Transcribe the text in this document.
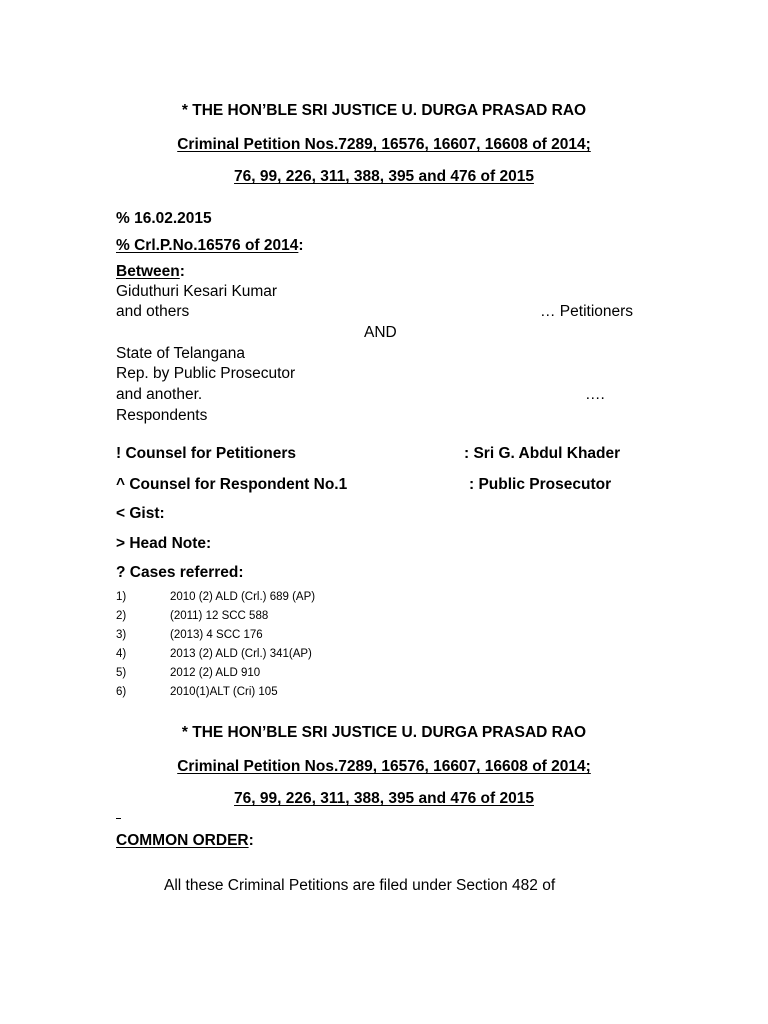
* THE HON’BLE SRI JUSTICE U. DURGA PRASAD RAO
Criminal Petition Nos.7289, 16576, 16607, 16608 of 2014;
76, 99, 226, 311, 388, 395 and 476 of 2015
% 16.02.2015
% Crl.P.No.16576 of 2014:
Between:
Giduthuri Kesari Kumar
and others	… Petitioners
AND
State of Telangana
Rep. by Public Prosecutor
and another.	….
Respondents
! Counsel for Petitioners	: Sri G. Abdul Khader
^ Counsel for Respondent No.1	: Public Prosecutor
< Gist:
> Head Note:
? Cases referred:
1)	2010 (2) ALD (Crl.) 689 (AP)
2)	(2011) 12 SCC 588
3)	(2013) 4 SCC 176
4)	2013 (2) ALD (Crl.) 341(AP)
5)	2012 (2) ALD 910
6)	2010(1)ALT (Cri) 105
* THE HON’BLE SRI JUSTICE U. DURGA PRASAD RAO
Criminal Petition Nos.7289, 16576, 16607, 16608 of 2014;
76, 99, 226, 311, 388, 395 and 476 of 2015
COMMON ORDER:
All these Criminal Petitions are filed under Section 482 of
